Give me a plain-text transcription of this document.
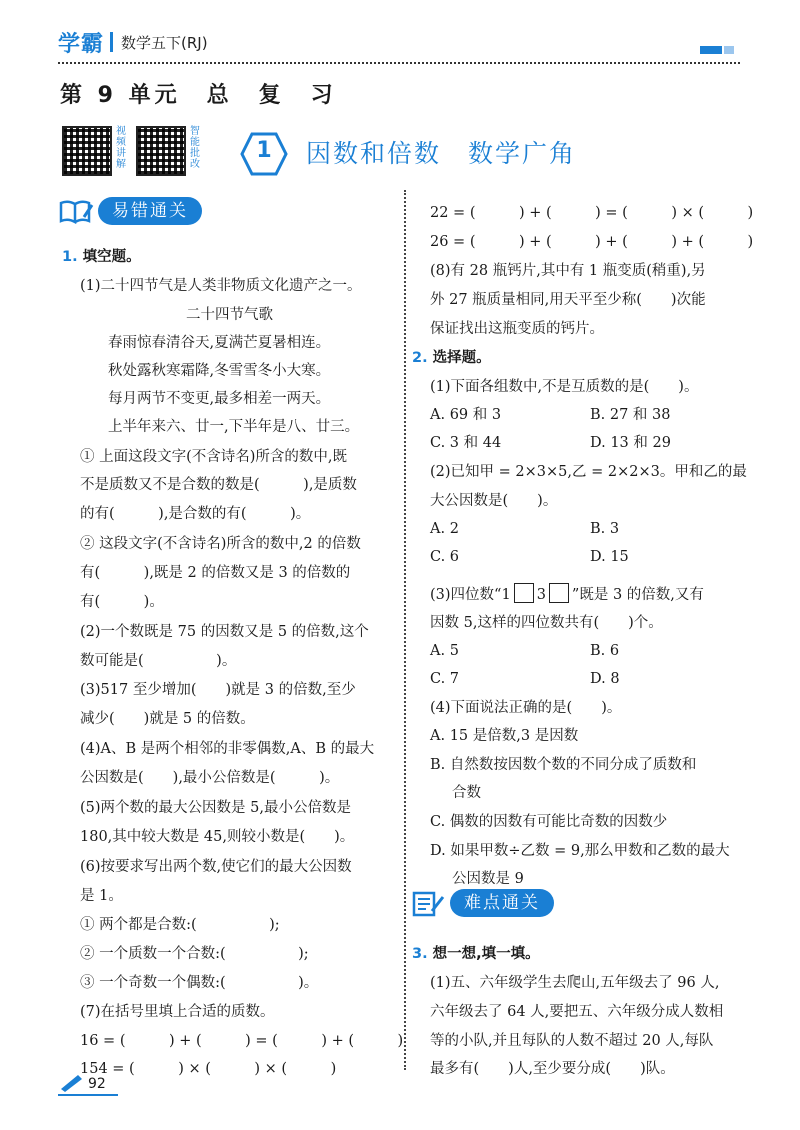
学霸 数学五下(RJ)
第 9 单元　总　复　习
视频讲解
智能批改
1	因数和倍数　数学广角
易错通关
难点通关
1. 填空题。
(1)二十四节气是人类非物质文化遗产之一。
二十四节气歌
春雨惊春清谷天,夏满芒夏暑相连。
秋处露秋寒霜降,冬雪雪冬小大寒。
每月两节不变更,最多相差一两天。
上半年来六、廿一,下半年是八、廿三。
① 上面这段文字(不含诗名)所含的数中,既
不是质数又不是合数的数是(　　　),是质数
的有(　　　),是合数的有(　　　)。
② 这段文字(不含诗名)所含的数中,2 的倍数
有(　　　),既是 2 的倍数又是 3 的倍数的
有(　　　)。
(2)一个数既是 75 的因数又是 5 的倍数,这个
数可能是(　　　　　)。
(3)517 至少增加(　　)就是 3 的倍数,至少
减少(　　)就是 5 的倍数。
(4)A、B 是两个相邻的非零偶数,A、B 的最大
公因数是(　　),最小公倍数是(　　　)。
(5)两个数的最大公因数是 5,最小公倍数是
180,其中较大数是 45,则较小数是(　　)。
(6)按要求写出两个数,使它们的最大公因数
是 1。
① 两个都是合数:(　　　　　);
② 一个质数一个合数:(　　　　　);
③ 一个奇数一个偶数:(　　　　　)。
(7)在括号里填上合适的质数。
16 = (　　　) + (　　　) = (　　　) + (　　　)
154 = (　　　) × (　　　) × (　　　)
22 = (　　　) + (　　　) = (　　　) × (　　　)
26 = (　　　) + (　　　) + (　　　) + (　　　)
(8)有 28 瓶钙片,其中有 1 瓶变质(稍重),另
外 27 瓶质量相同,用天平至少称(　　)次能
保证找出这瓶变质的钙片。
2. 选择题。
(1)下面各组数中,不是互质数的是(　　)。
A. 69 和 3	B. 27 和 38
C. 3 和 44	D. 13 和 29
(2)已知甲 = 2×3×5,乙 = 2×2×3。甲和乙的最
大公因数是(　　)。
A. 2	B. 3
C. 6	D. 15
A. 5	B. 6
C. 7	D. 8
(4)下面说法正确的是(　　)。
A. 15 是倍数,3 是因数
B. 自然数按因数个数的不同分成了质数和
合数
C. 偶数的因数有可能比奇数的因数少
D. 如果甲数÷乙数 = 9,那么甲数和乙数的最大
公因数是 9
3. 想一想,填一填。
(1)五、六年级学生去爬山,五年级去了 96 人,
六年级去了 64 人,要把五、六年级分成人数相
等的小队,并且每队的人数不超过 20 人,每队
最多有(　　)人,至少要分成(　　)队。
(3)四位数“1 3 ”既是 3 的倍数,又有
因数 5,这样的四位数共有(　　)个。
92
